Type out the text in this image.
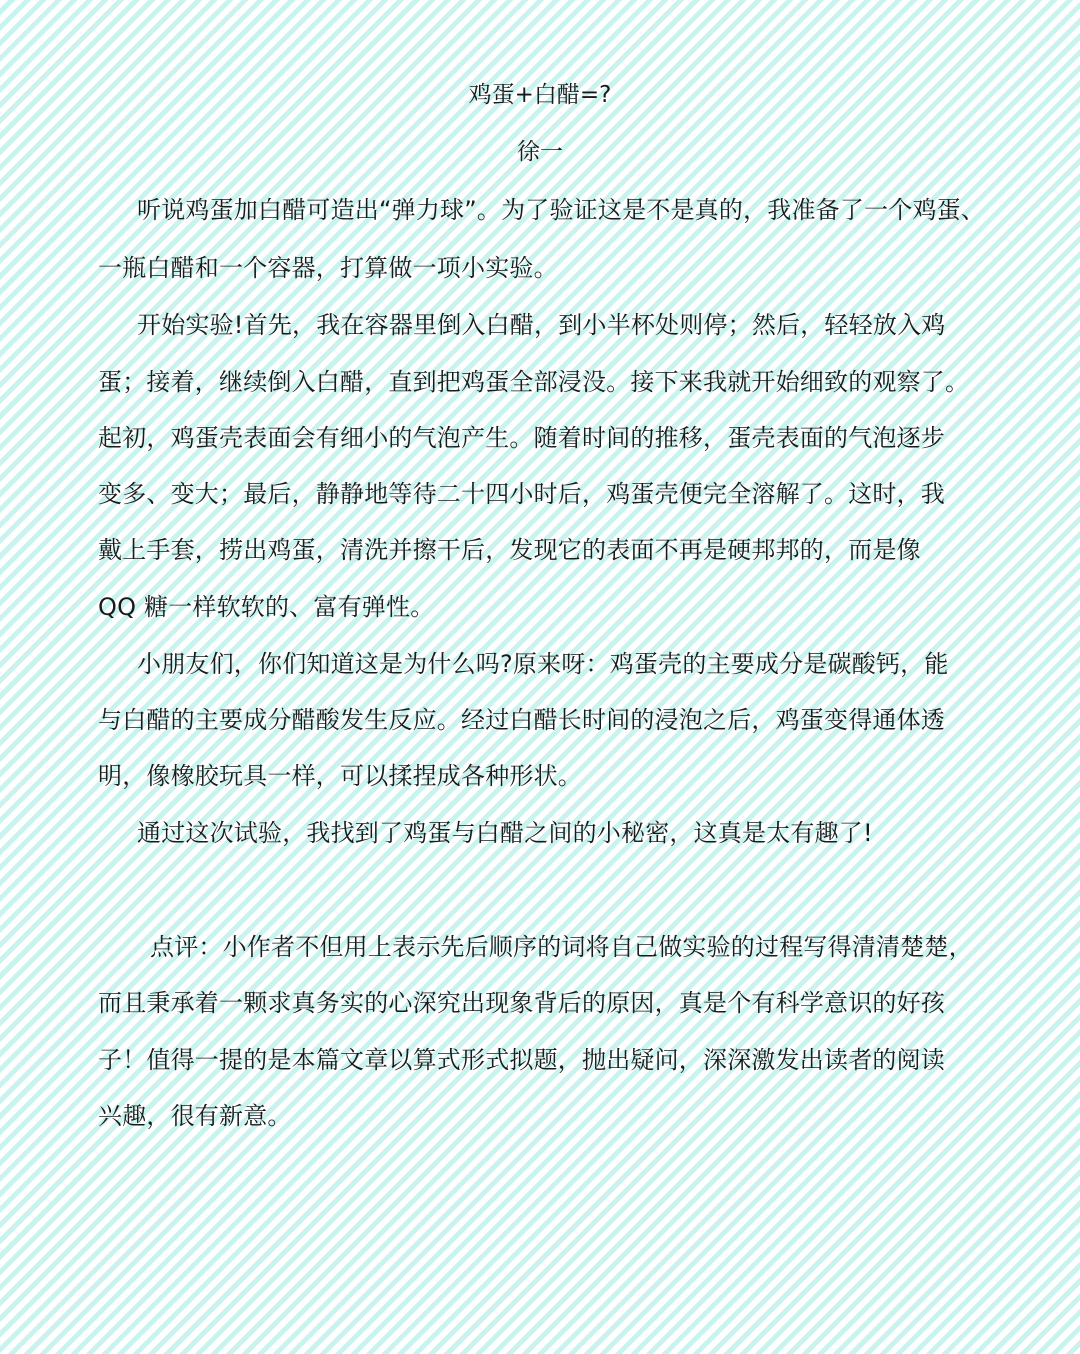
鸡蛋+白醋=?
徐一
听说鸡蛋加白醋可造出“弹力球”。为了验证这是不是真的，我准备了一个鸡蛋、
一瓶白醋和一个容器，打算做一项小实验。
开始实验!首先，我在容器里倒入白醋，到小半杯处则停；然后，轻轻放入鸡
蛋；接着，继续倒入白醋，直到把鸡蛋全部浸没。接下来我就开始细致的观察了。
起初，鸡蛋壳表面会有细小的气泡产生。随着时间的推移，蛋壳表面的气泡逐步
变多、变大；最后，静静地等待二十四小时后，鸡蛋壳便完全溶解了。这时，我
戴上手套，捞出鸡蛋，清洗并擦干后，发现它的表面不再是硬邦邦的，而是像
QQ 糖一样软软的、富有弹性。
小朋友们，你们知道这是为什么吗?原来呀：鸡蛋壳的主要成分是碳酸钙，能
与白醋的主要成分醋酸发生反应。经过白醋长时间的浸泡之后，鸡蛋变得通体透
明，像橡胶玩具一样，可以揉捏成各种形状。
通过这次试验，我找到了鸡蛋与白醋之间的小秘密，这真是太有趣了!
点评：小作者不但用上表示先后顺序的词将自己做实验的过程写得清清楚楚，
而且秉承着一颗求真务实的心深究出现象背后的原因，真是个有科学意识的好孩
子！值得一提的是本篇文章以算式形式拟题，抛出疑问，深深激发出读者的阅读
兴趣，很有新意。
